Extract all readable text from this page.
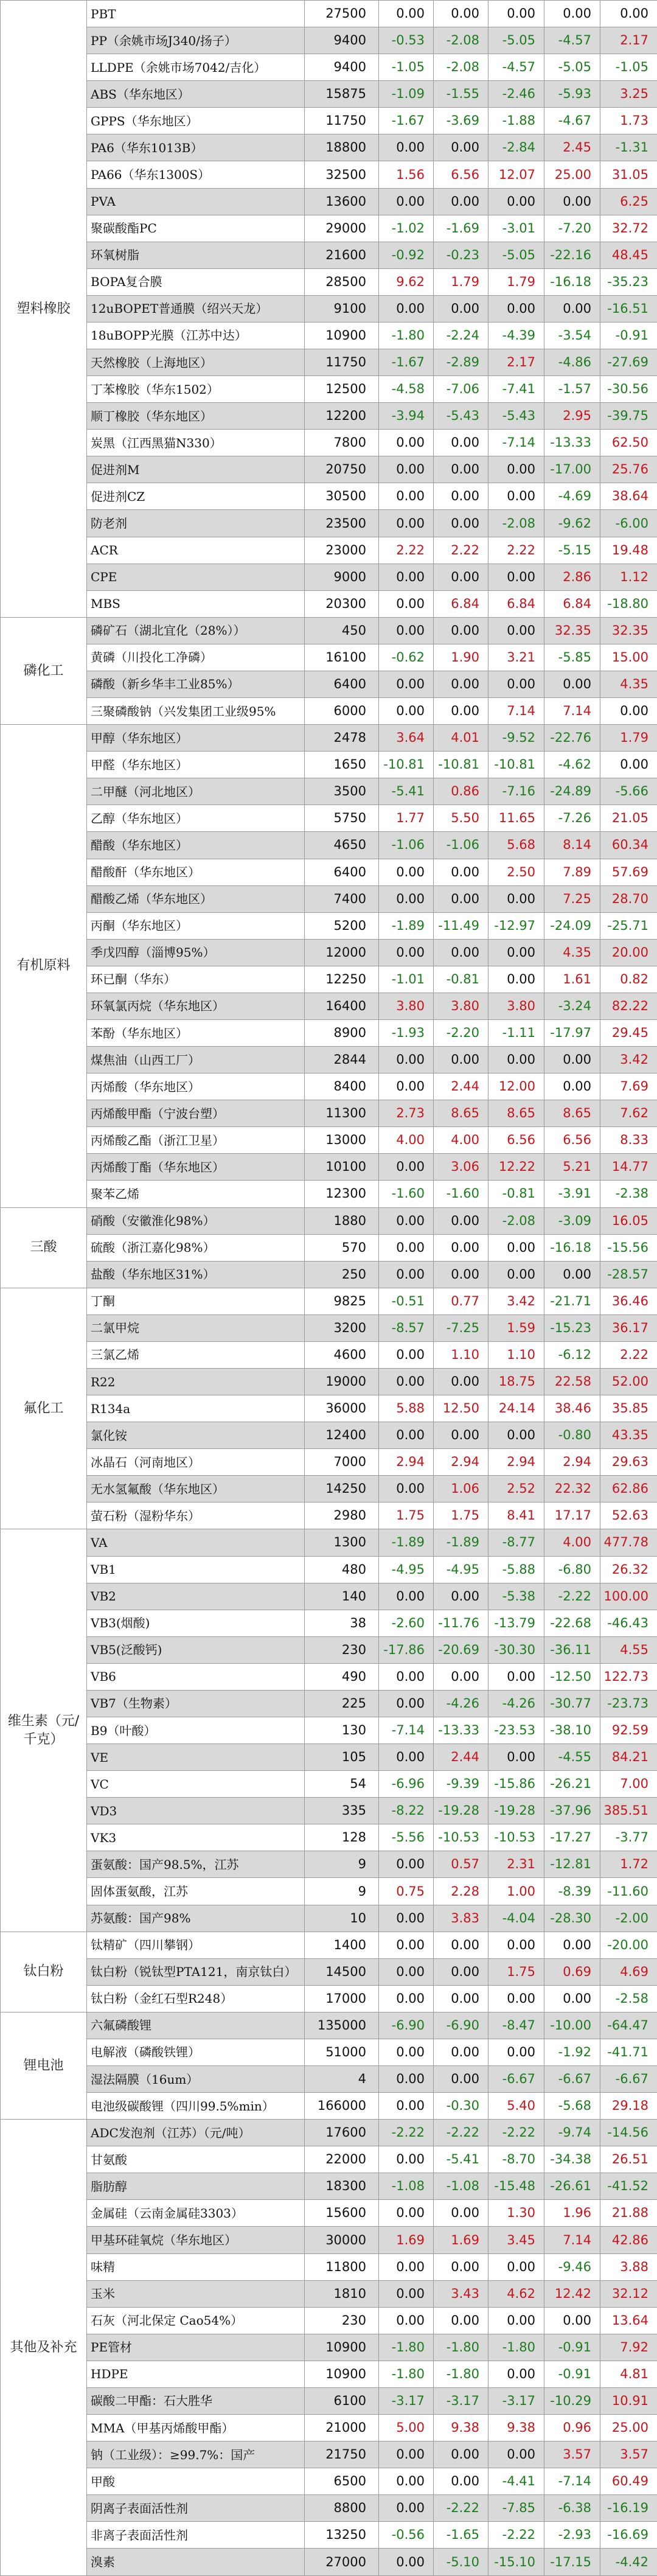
塑料橡胶	PBT	27500	0.00	0.00	0.00	0.00	0.00
	PP（余姚市场J340/扬子）	9400	-0.53	-2.08	-5.05	-4.57	2.17
	LLDPE（余姚市场7042/吉化）	9400	-1.05	-2.08	-4.57	-5.05	-1.05
	ABS（华东地区）	15875	-1.09	-1.55	-2.46	-5.93	3.25
	GPPS（华东地区）	11750	-1.67	-3.69	-1.88	-4.67	1.73
	PA6（华东1013B）	18800	0.00	0.00	-2.84	2.45	-1.31
	PA66（华东1300S）	32500	1.56	6.56	12.07	25.00	31.05
	PVA	13600	0.00	0.00	0.00	0.00	6.25
	聚碳酸酯PC	29000	-1.02	-1.69	-3.01	-7.20	32.72
	环氧树脂	21600	-0.92	-0.23	-5.05	-22.16	48.45
	BOPA复合膜	28500	9.62	1.79	1.79	-16.18	-35.23
	12uBOPET普通膜（绍兴天龙）	9100	0.00	0.00	0.00	0.00	-16.51
	18uBOPP光膜（江苏中达）	10900	-1.80	-2.24	-4.39	-3.54	-0.91
	天然橡胶（上海地区）	11750	-1.67	-2.89	2.17	-4.86	-27.69
	丁苯橡胶（华东1502）	12500	-4.58	-7.06	-7.41	-1.57	-30.56
	顺丁橡胶（华东地区）	12200	-3.94	-5.43	-5.43	2.95	-39.75
	炭黑（江西黑猫N330）	7800	0.00	0.00	-7.14	-13.33	62.50
	促进剂M	20750	0.00	0.00	0.00	-17.00	25.76
	促进剂CZ	30500	0.00	0.00	0.00	-4.69	38.64
	防老剂	23500	0.00	0.00	-2.08	-9.62	-6.00
	ACR	23000	2.22	2.22	2.22	-5.15	19.48
	CPE	9000	0.00	0.00	0.00	2.86	1.12
	MBS	20300	0.00	6.84	6.84	6.84	-18.80
磷化工	磷矿石（湖北宜化（28%））	450	0.00	0.00	0.00	32.35	32.35
	黄磷（川投化工净磷）	16100	-0.62	1.90	3.21	-5.85	15.00
	磷酸（新乡华丰工业85%）	6400	0.00	0.00	0.00	0.00	4.35
	三聚磷酸钠（兴发集团工业级95%	6000	0.00	0.00	7.14	7.14	0.00
有机原料	甲醇（华东地区）	2478	3.64	4.01	-9.52	-22.76	1.79
	甲醛（华东地区）	1650	-10.81	-10.81	-10.81	-4.62	0.00
	二甲醚（河北地区）	3500	-5.41	0.86	-7.16	-24.89	-5.66
	乙醇（华东地区）	5750	1.77	5.50	11.65	-7.26	21.05
	醋酸（华东地区）	4650	-1.06	-1.06	5.68	8.14	60.34
	醋酸酐（华东地区）	6400	0.00	0.00	2.50	7.89	57.69
	醋酸乙烯（华东地区）	7400	0.00	0.00	0.00	7.25	28.70
	丙酮（华东地区）	5200	-1.89	-11.49	-12.97	-24.09	-25.71
	季戊四醇（淄博95%）	12000	0.00	0.00	0.00	4.35	20.00
	环已酮（华东）	12250	-1.01	-0.81	0.00	1.61	0.82
	环氧氯丙烷（华东地区）	16400	3.80	3.80	3.80	-3.24	82.22
	苯酚（华东地区）	8900	-1.93	-2.20	-1.11	-17.97	29.45
	煤焦油（山西工厂）	2844	0.00	0.00	0.00	0.00	3.42
	丙烯酸（华东地区）	8400	0.00	2.44	12.00	0.00	7.69
	丙烯酸甲酯（宁波台塑）	11300	2.73	8.65	8.65	8.65	7.62
	丙烯酸乙酯（浙江卫星）	13000	4.00	4.00	6.56	6.56	8.33
	丙烯酸丁酯（华东地区）	10100	0.00	3.06	12.22	5.21	14.77
	聚苯乙烯	12300	-1.60	-1.60	-0.81	-3.91	-2.38
三酸	硝酸（安徽淮化98%）	1880	0.00	0.00	-2.08	-3.09	16.05
	硫酸（浙江嘉化98%）	570	0.00	0.00	0.00	-16.18	-15.56
	盐酸（华东地区31%）	250	0.00	0.00	0.00	0.00	-28.57
氟化工	丁酮	9825	-0.51	0.77	3.42	-21.71	36.46
	二氯甲烷	3200	-8.57	-7.25	1.59	-15.23	36.17
	三氯乙烯	4600	0.00	1.10	1.10	-6.12	2.22
	R22	19000	0.00	0.00	18.75	22.58	52.00
	R134a	36000	5.88	12.50	24.14	38.46	35.85
	氯化铵	12400	0.00	0.00	0.00	-0.80	43.35
	冰晶石（河南地区）	7000	2.94	2.94	2.94	2.94	29.63
	无水氢氟酸（华东地区）	14250	0.00	1.06	2.52	22.32	62.86
	萤石粉（湿粉华东）	2980	1.75	1.75	8.41	17.17	52.63
维生素（元/千克）	VA	1300	-1.89	-1.89	-8.77	4.00	477.78
	VB1	480	-4.95	-4.95	-5.88	-6.80	26.32
	VB2	140	0.00	0.00	-5.38	-2.22	100.00
	VB3(烟酸)	38	-2.60	-11.76	-13.79	-22.68	-46.43
	VB5(泛酸钙)	230	-17.86	-20.69	-30.30	-36.11	4.55
	VB6	490	0.00	0.00	0.00	-12.50	122.73
	VB7（生物素）	225	0.00	-4.26	-4.26	-30.77	-23.73
	B9（叶酸）	130	-7.14	-13.33	-23.53	-38.10	92.59
	VE	105	0.00	2.44	0.00	-4.55	84.21
	VC	54	-6.96	-9.39	-15.86	-26.21	7.00
	VD3	335	-8.22	-19.28	-19.28	-37.96	385.51
	VK3	128	-5.56	-10.53	-10.53	-17.27	-3.77
	蛋氨酸：国产98.5%，江苏	9	0.00	0.57	2.31	-12.81	1.72
	固体蛋氨酸，江苏	9	0.75	2.28	1.00	-8.39	-11.60
	苏氨酸：国产98%	10	0.00	3.83	-4.04	-28.30	-2.00
钛白粉	钛精矿（四川攀钢）	1400	0.00	0.00	0.00	0.00	-20.00
	钛白粉（锐钛型PTA121，南京钛白）	14500	0.00	0.00	1.75	0.69	4.69
	钛白粉（金红石型R248）	17000	0.00	0.00	0.00	0.00	-2.58
锂电池	六氟磷酸锂	135000	-6.90	-6.90	-8.47	-10.00	-64.47
	电解液（磷酸铁锂）	51000	0.00	0.00	0.00	-1.92	-41.71
	湿法隔膜（16um）	4	0.00	0.00	-6.67	-6.67	-6.67
	电池级碳酸锂（四川99.5%min）	166000	0.00	-0.30	5.40	-5.68	29.18
其他及补充	ADC发泡剂（江苏）（元/吨）	17600	-2.22	-2.22	-2.22	-9.74	-14.56
	甘氨酸	22000	0.00	-5.41	-8.70	-34.38	26.51
	脂肪醇	18300	-1.08	-1.08	-15.48	-26.61	-41.52
	金属硅（云南金属硅3303）	15600	0.00	0.00	1.30	1.96	21.88
	甲基环硅氧烷（华东地区）	30000	1.69	1.69	3.45	7.14	42.86
	味精	11800	0.00	0.00	0.00	-9.46	3.88
	玉米	1810	0.00	3.43	4.62	12.42	32.12
	石灰（河北保定 Cao54%）	230	0.00	0.00	0.00	0.00	13.64
	PE管材	10900	-1.80	-1.80	-1.80	-0.91	7.92
	HDPE	10900	-1.80	-1.80	0.00	-0.91	4.81
	碳酸二甲酯：石大胜华	6100	-3.17	-3.17	-3.17	-10.29	10.91
	MMA（甲基丙烯酸甲酯）	21000	5.00	9.38	9.38	0.96	25.00
	钠（工业级）：≥99.7%：国产	21750	0.00	0.00	0.00	3.57	3.57
	甲酸	6500	0.00	0.00	-4.41	-7.14	60.49
	阴离子表面活性剂	8800	0.00	-2.22	-7.85	-6.38	-16.19
	非离子表面活性剂	13250	-0.56	-1.65	-2.22	-2.93	-16.69
	溴素	27000	0.00	-5.10	-15.10	-17.15	-4.42
